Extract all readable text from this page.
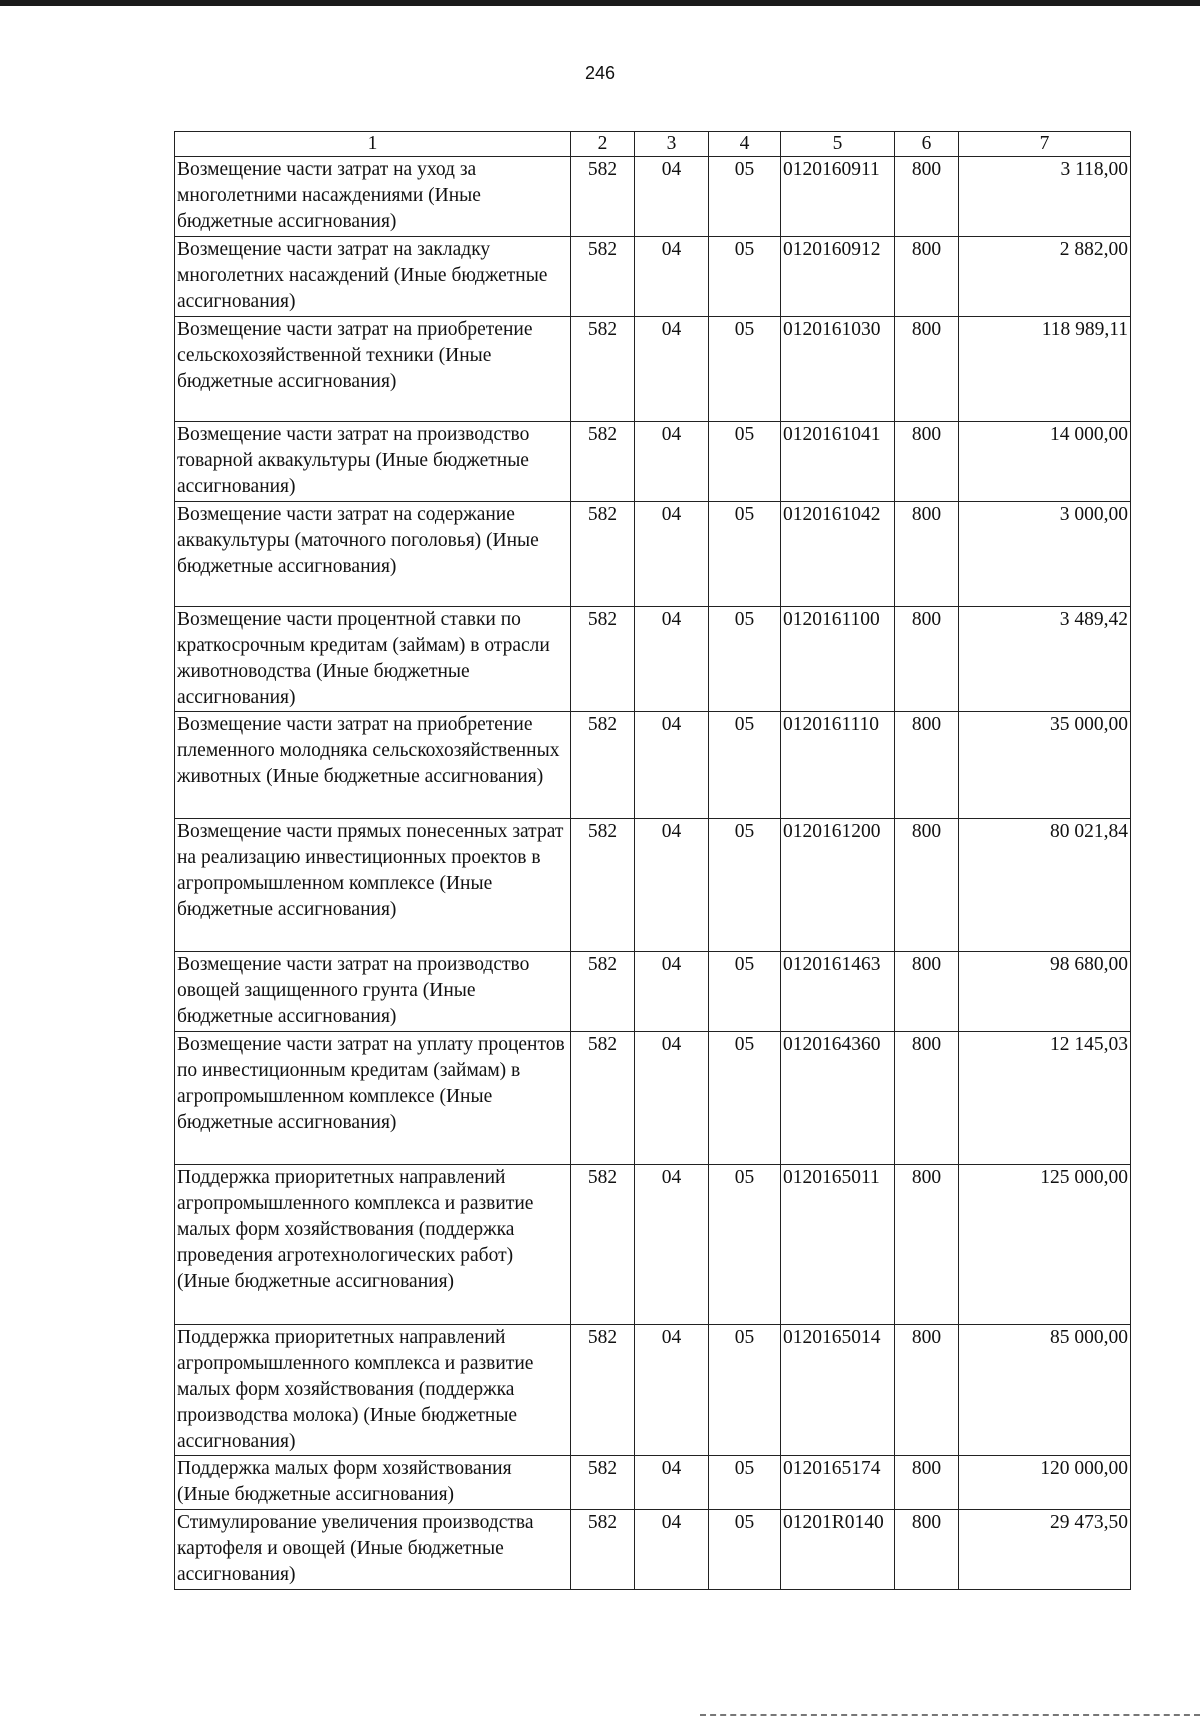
246
1	2	3	4	5	6	7
Возмещение части затрат на уход за многолетними насаждениями (Иные бюджетные ассигнования)	582	04	05	0120160911	800	3 118,00
Возмещение части затрат на закладку многолетних насаждений (Иные бюджетные ассигнования)	582	04	05	0120160912	800	2 882,00
Возмещение части затрат на приобретение сельскохозяйственной техники (Иные бюджетные ассигнования)	582	04	05	0120161030	800	118 989,11
Возмещение части затрат на производство товарной аквакультуры (Иные бюджетные ассигнования)	582	04	05	0120161041	800	14 000,00
Возмещение части затрат на содержание аквакультуры (маточного поголовья) (Иные бюджетные ассигнования)	582	04	05	0120161042	800	3 000,00
Возмещение части процентной ставки по краткосрочным кредитам (займам) в отрасли животноводства (Иные бюджетные ассигнования)	582	04	05	0120161100	800	3 489,42
Возмещение части затрат на приобретение племенного молодняка сельскохозяйственных животных (Иные бюджетные ассигнования)	582	04	05	0120161110	800	35 000,00
Возмещение части прямых понесенных затрат на реализацию инвестиционных проектов в агропромышленном комплексе (Иные бюджетные ассигнования)	582	04	05	0120161200	800	80 021,84
Возмещение части затрат на производство овощей защищенного грунта (Иные бюджетные ассигнования)	582	04	05	0120161463	800	98 680,00
Возмещение части затрат на уплату процентов по инвестиционным кредитам (займам) в агропромышленном комплексе (Иные бюджетные ассигнования)	582	04	05	0120164360	800	12 145,03
Поддержка приоритетных направлений агропромышленного комплекса и развитие малых форм хозяйствования (поддержка проведения агротехнологических работ) (Иные бюджетные ассигнования)	582	04	05	0120165011	800	125 000,00
Поддержка приоритетных направлений агропромышленного комплекса и развитие малых форм хозяйствования (поддержка производства молока) (Иные бюджетные ассигнования)	582	04	05	0120165014	800	85 000,00
Поддержка малых форм хозяйствования (Иные бюджетные ассигнования)	582	04	05	0120165174	800	120 000,00
Стимулирование увеличения производства картофеля и овощей (Иные бюджетные ассигнования)	582	04	05	01201R0140	800	29 473,50
